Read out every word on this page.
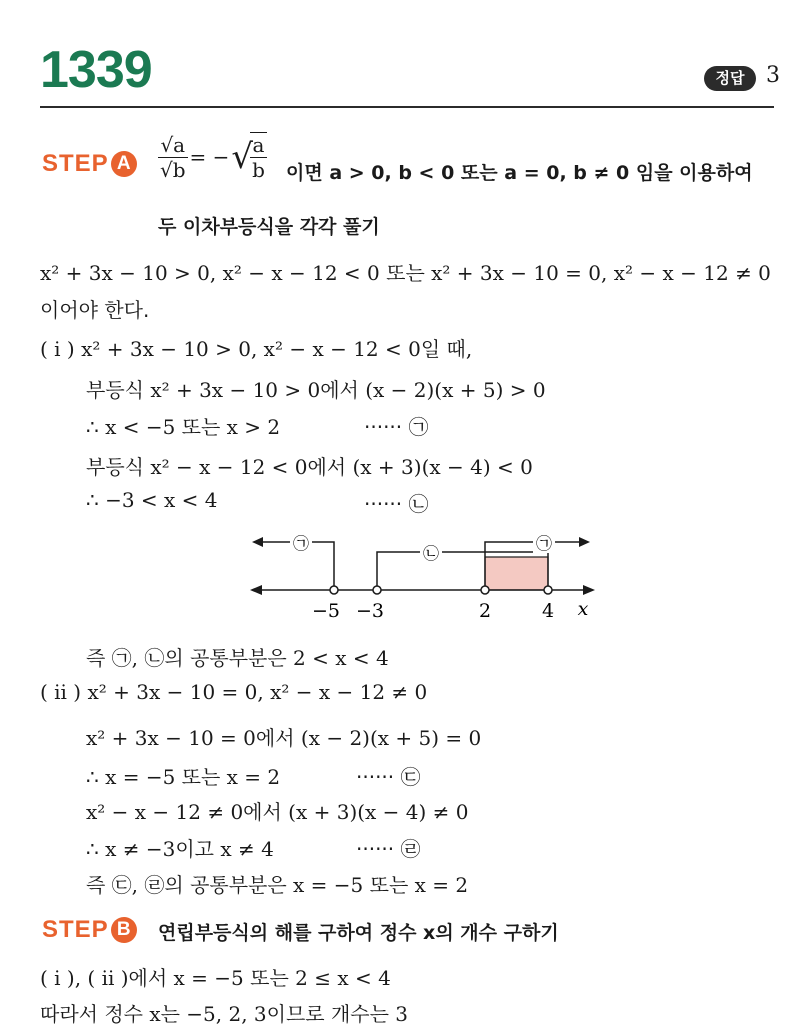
1339	정답 3
STEP A	$\frac{√a}{√b}$ = −√
$\frac{a}{b}$ 이면 a > 0, b < 0 또는 a = 0, b ≠ 0 임을 이용하여
두 이차부등식을 각각 풀기
x² + 3x − 10 > 0, x² − x − 12 < 0 또는 x² + 3x − 10 = 0, x² − x − 12 ≠ 0
이어야 한다.
( i ) x² + 3x − 10 > 0, x² − x − 12 < 0일 때,
부등식 x² + 3x − 10 > 0에서 (x − 2)(x + 5) > 0
∴ x < −5 또는 x > 2	······ ㉠
부등식 x² − x − 12 < 0에서 (x + 3)(x − 4) < 0
∴ −3 < x < 4	······ ㉡
㉠
㉡
㉠
−5 −3	2	4 x
즉 ㉠, ㉡의 공통부분은 2 < x < 4
( ii ) x² + 3x − 10 = 0, x² − x − 12 ≠ 0
x² + 3x − 10 = 0에서 (x − 2)(x + 5) = 0
∴ x = −5 또는 x = 2	······ ㉢
x² − x − 12 ≠ 0에서 (x + 3)(x − 4) ≠ 0
∴ x ≠ −3이고 x ≠ 4	······ ㉣
즉 ㉢, ㉣의 공통부분은 x = −5 또는 x = 2
STEP B	연립부등식의 해를 구하여 정수 x의 개수 구하기
( i ), ( ii )에서 x = −5 또는 2 ≤ x < 4
따라서 정수 x는 −5, 2, 3이므로 개수는 3
